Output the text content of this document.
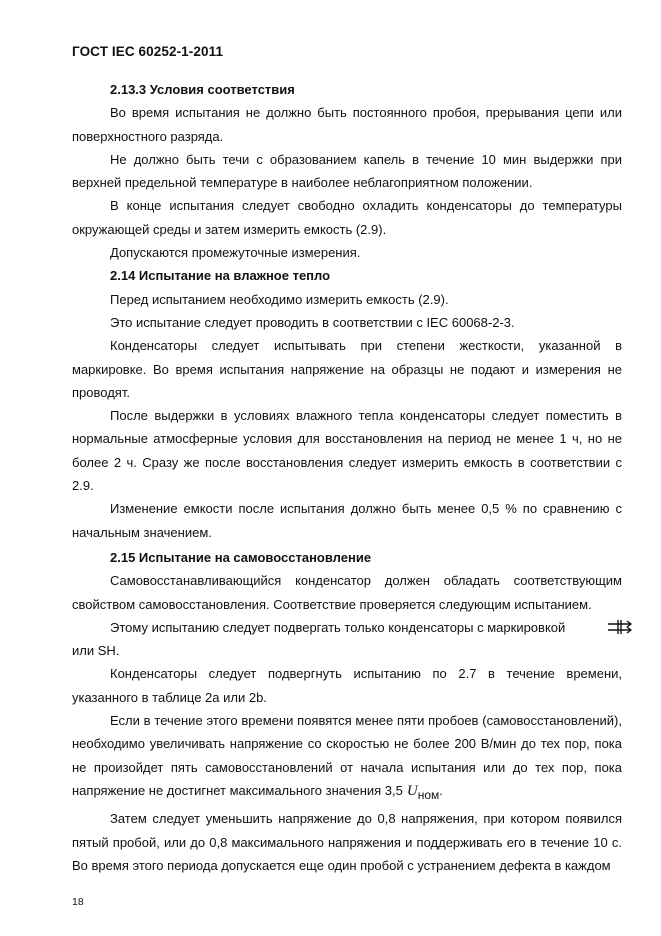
ГОСТ IEC 60252-1-2011
2.13.3 Условия соответствия

Во время испытания не должно быть постоянного пробоя, прерывания цепи или поверхностного разряда.

Не должно быть течи с образованием капель в течение 10 мин выдержки при верхней предельной температуре в наиболее неблагоприятном положении.

В конце испытания следует свободно охладить конденсаторы до температуры окружающей среды и затем измерить емкость (2.9).

Допускаются промежуточные измерения.

2.14 Испытание на влажное тепло

Перед испытанием необходимо измерить емкость (2.9).

Это испытание следует проводить в соответствии с IEC 60068-2-3.

Конденсаторы следует испытывать при степени жесткости, указанной в маркировке. Во время испытания напряжение на образцы не подают и измерения не проводят.

После выдержки в условиях влажного тепла конденсаторы следует поместить в нормальные атмосферные условия для восстановления на период не менее 1 ч, но не более 2 ч. Сразу же после восстановления следует измерить емкость в соответствии с 2.9.

Изменение емкости после испытания должно быть менее 0,5 % по сравнению с начальным значением.

2.15 Испытание на самовосстановление

Самовосстанавливающийся конденсатор должен обладать соответствующим свойством самовосстановления. Соответствие проверяется следующим испытанием.

Этому испытанию следует подвергать только конденсаторы с маркировкой
или SH.

Конденсаторы следует подвергнуть испытанию по 2.7 в течение времени, указанного в таблице 2а или 2b.

Если в течение этого времени появятся менее пяти пробоев (самовосстановлений), необходимо увеличивать напряжение со скоростью не более 200 В/мин до тех пор, пока не произойдет пять самовосстановлений от начала испытания или до тех пор, пока напряжение не достигнет максимального значения 3,5 Uном.

Затем следует уменьшить напряжение до 0,8 напряжения, при котором появился пятый пробой, или до 0,8 максимального напряжения и поддерживать его в течение 10 с. Во время этого периода допускается еще один пробой с устранением дефекта в каждом

18
